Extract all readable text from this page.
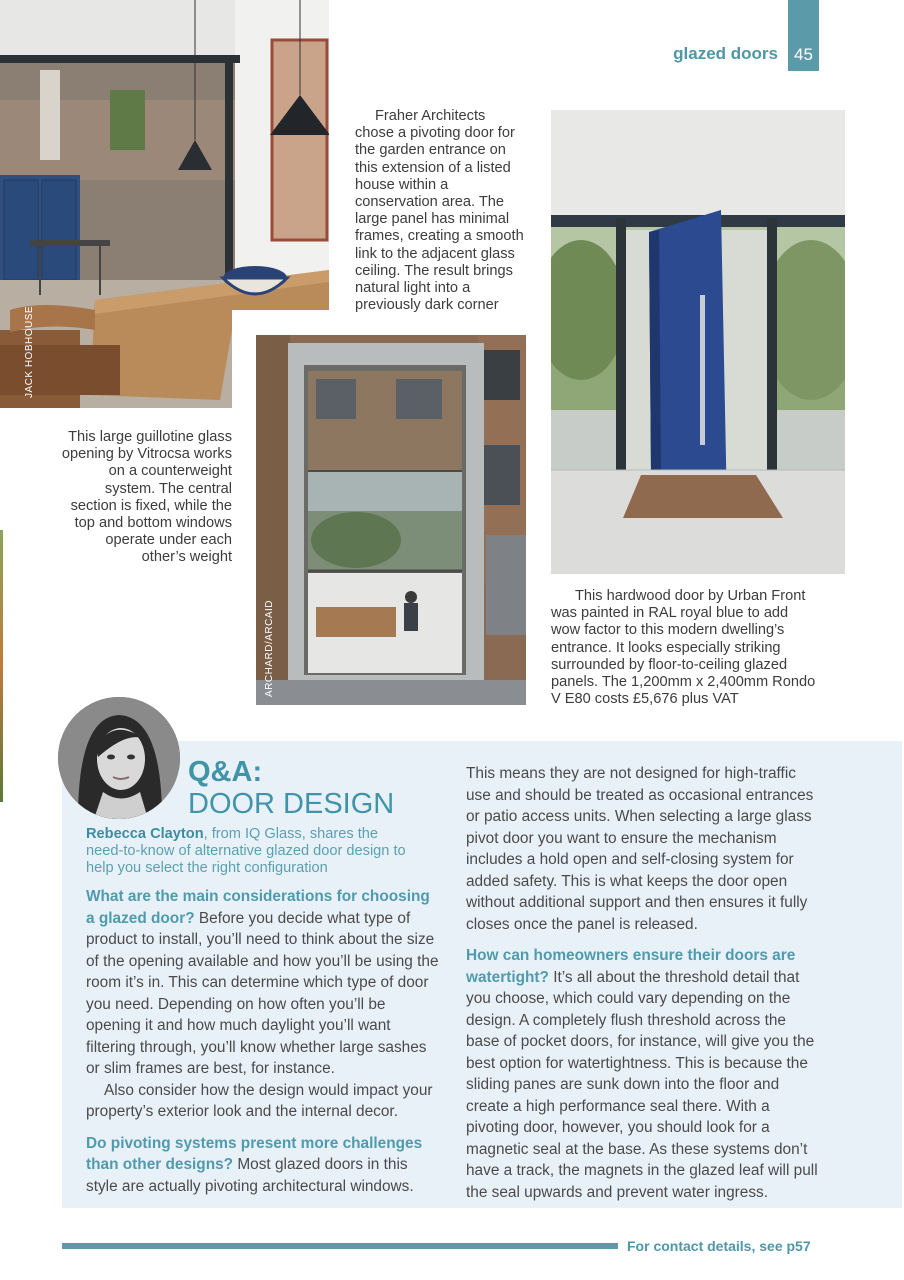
glazed doors 45
JACK HOBHOUSE
Fraher Architects chose a pivoting door for the garden entrance on this extension of a listed house within a conservation area. The large panel has minimal frames, creating a smooth link to the adjacent glass ceiling. The result brings natural light into a previously dark corner
ARCHARD/ARCAID
This large guillotine glass opening by Vitrocsa works on a counterweight system. The central section is fixed, while the top and bottom windows operate under each other’s weight
This hardwood door by Urban Front was painted in RAL royal blue to add wow factor to this modern dwelling’s entrance. It looks especially striking surrounded by floor-to-ceiling glazed panels. The 1,200mm x 2,400mm Rondo V E80 costs £5,676 plus VAT
Q&A:
DOOR DESIGN
Rebecca Clayton, from IQ Glass, shares the need-to-know of alternative glazed door design to help you select the right configuration

What are the main considerations for choosing a glazed door? Before you decide what type of product to install, you’ll need to think about the size of the opening available and how you’ll be using the room it’s in. This can determine which type of door you need. Depending on how often you’ll be opening it and how much daylight you’ll want filtering through, you’ll know whether large sashes or slim frames are best, for instance.

Also consider how the design would impact your property’s exterior look and the internal decor.

Do pivoting systems present more challenges than other designs? Most glazed doors in this style are actually pivoting architectural windows.

This means they are not designed for high-traffic use and should be treated as occasional entrances or patio access units. When selecting a large glass pivot door you want to ensure the mechanism includes a hold open and self-closing system for added safety. This is what keeps the door open without additional support and then ensures it fully closes once the panel is released.

How can homeowners ensure their doors are watertight? It’s all about the threshold detail that you choose, which could vary depending on the design. A completely flush threshold across the base of pocket doors, for instance, will give you the best option for watertightness. This is because the sliding panes are sunk down into the floor and create a high performance seal there. With a pivoting door, however, you should look for a magnetic seal at the base. As these systems don’t have a track, the magnets in the glazed leaf will pull the seal upwards and prevent water ingress.

For contact details, see p57
